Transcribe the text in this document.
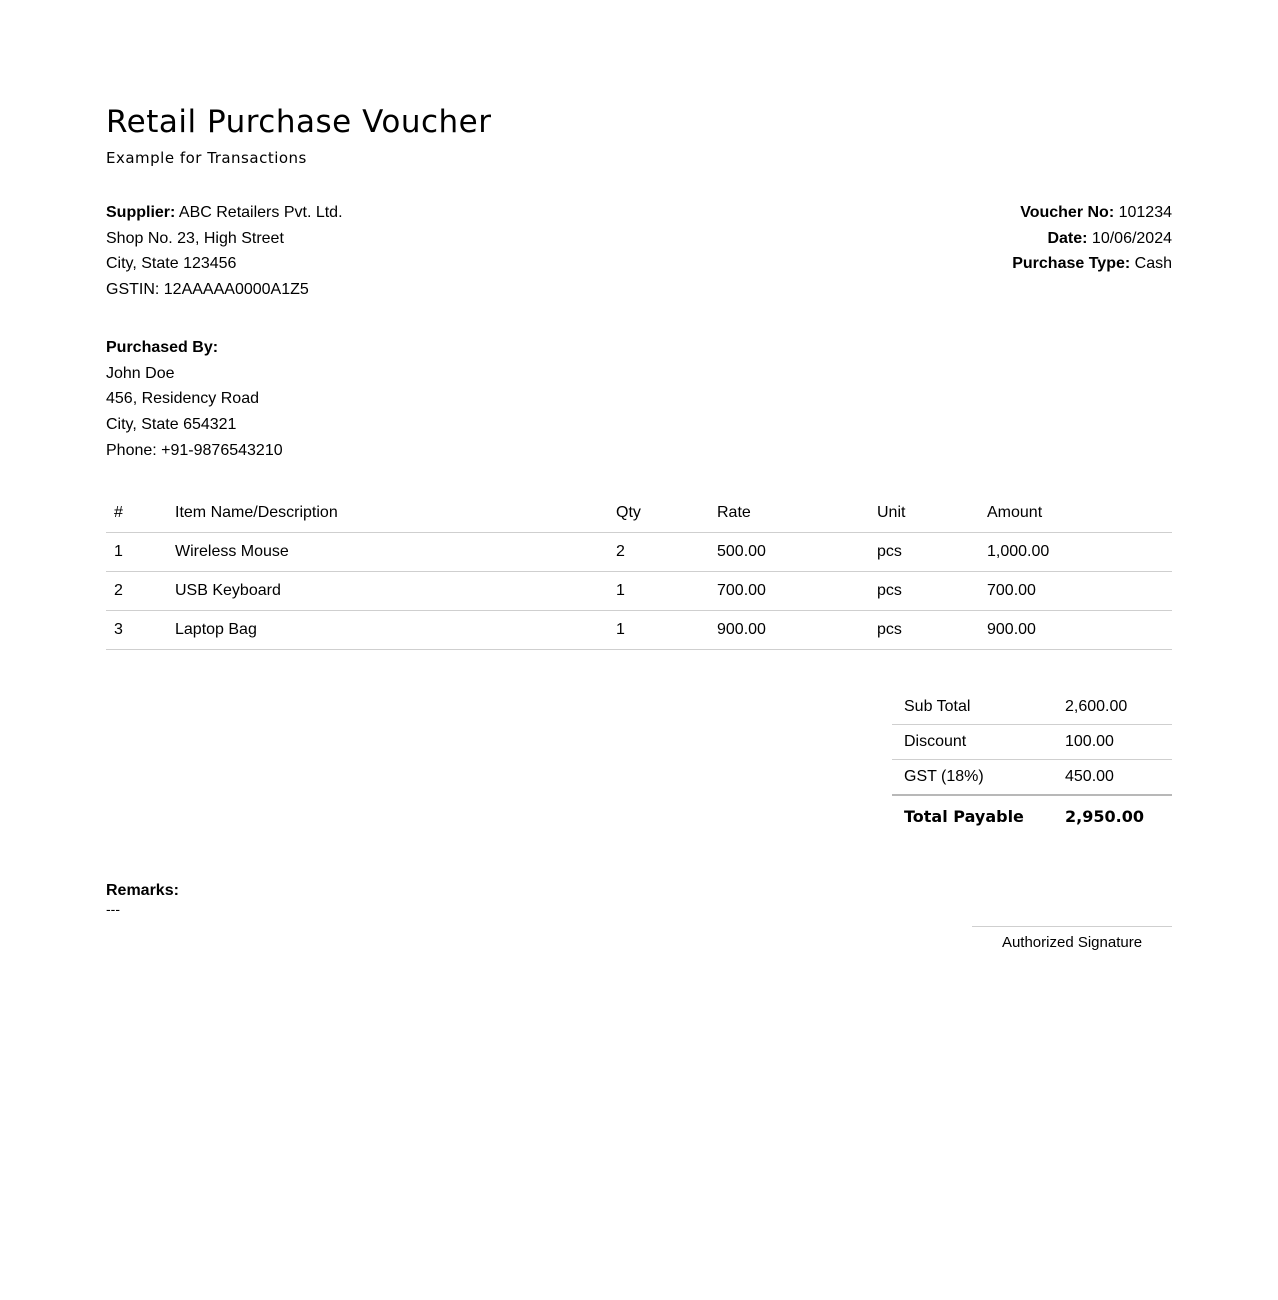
Retail Purchase Voucher
Example for Transactions
Supplier: ABC Retailers Pvt. Ltd.
Shop No. 23, High Street
City, State 123456
GSTIN: 12AAAAA0000A1Z5
Voucher No: 101234
Date: 10/06/2024
Purchase Type: Cash
Purchased By:
John Doe
456, Residency Road
City, State 654321
Phone: +91-9876543210
#	Item Name/Description	Qty	Rate	Unit	Amount
1	Wireless Mouse	2	500.00	pcs	1,000.00
2	USB Keyboard	1	700.00	pcs	700.00
3	Laptop Bag	1	900.00	pcs	900.00
Sub Total	2,600.00
Discount	100.00
GST (18%)	450.00
Total Payable	2,950.00
Remarks:
---
Authorized Signature
